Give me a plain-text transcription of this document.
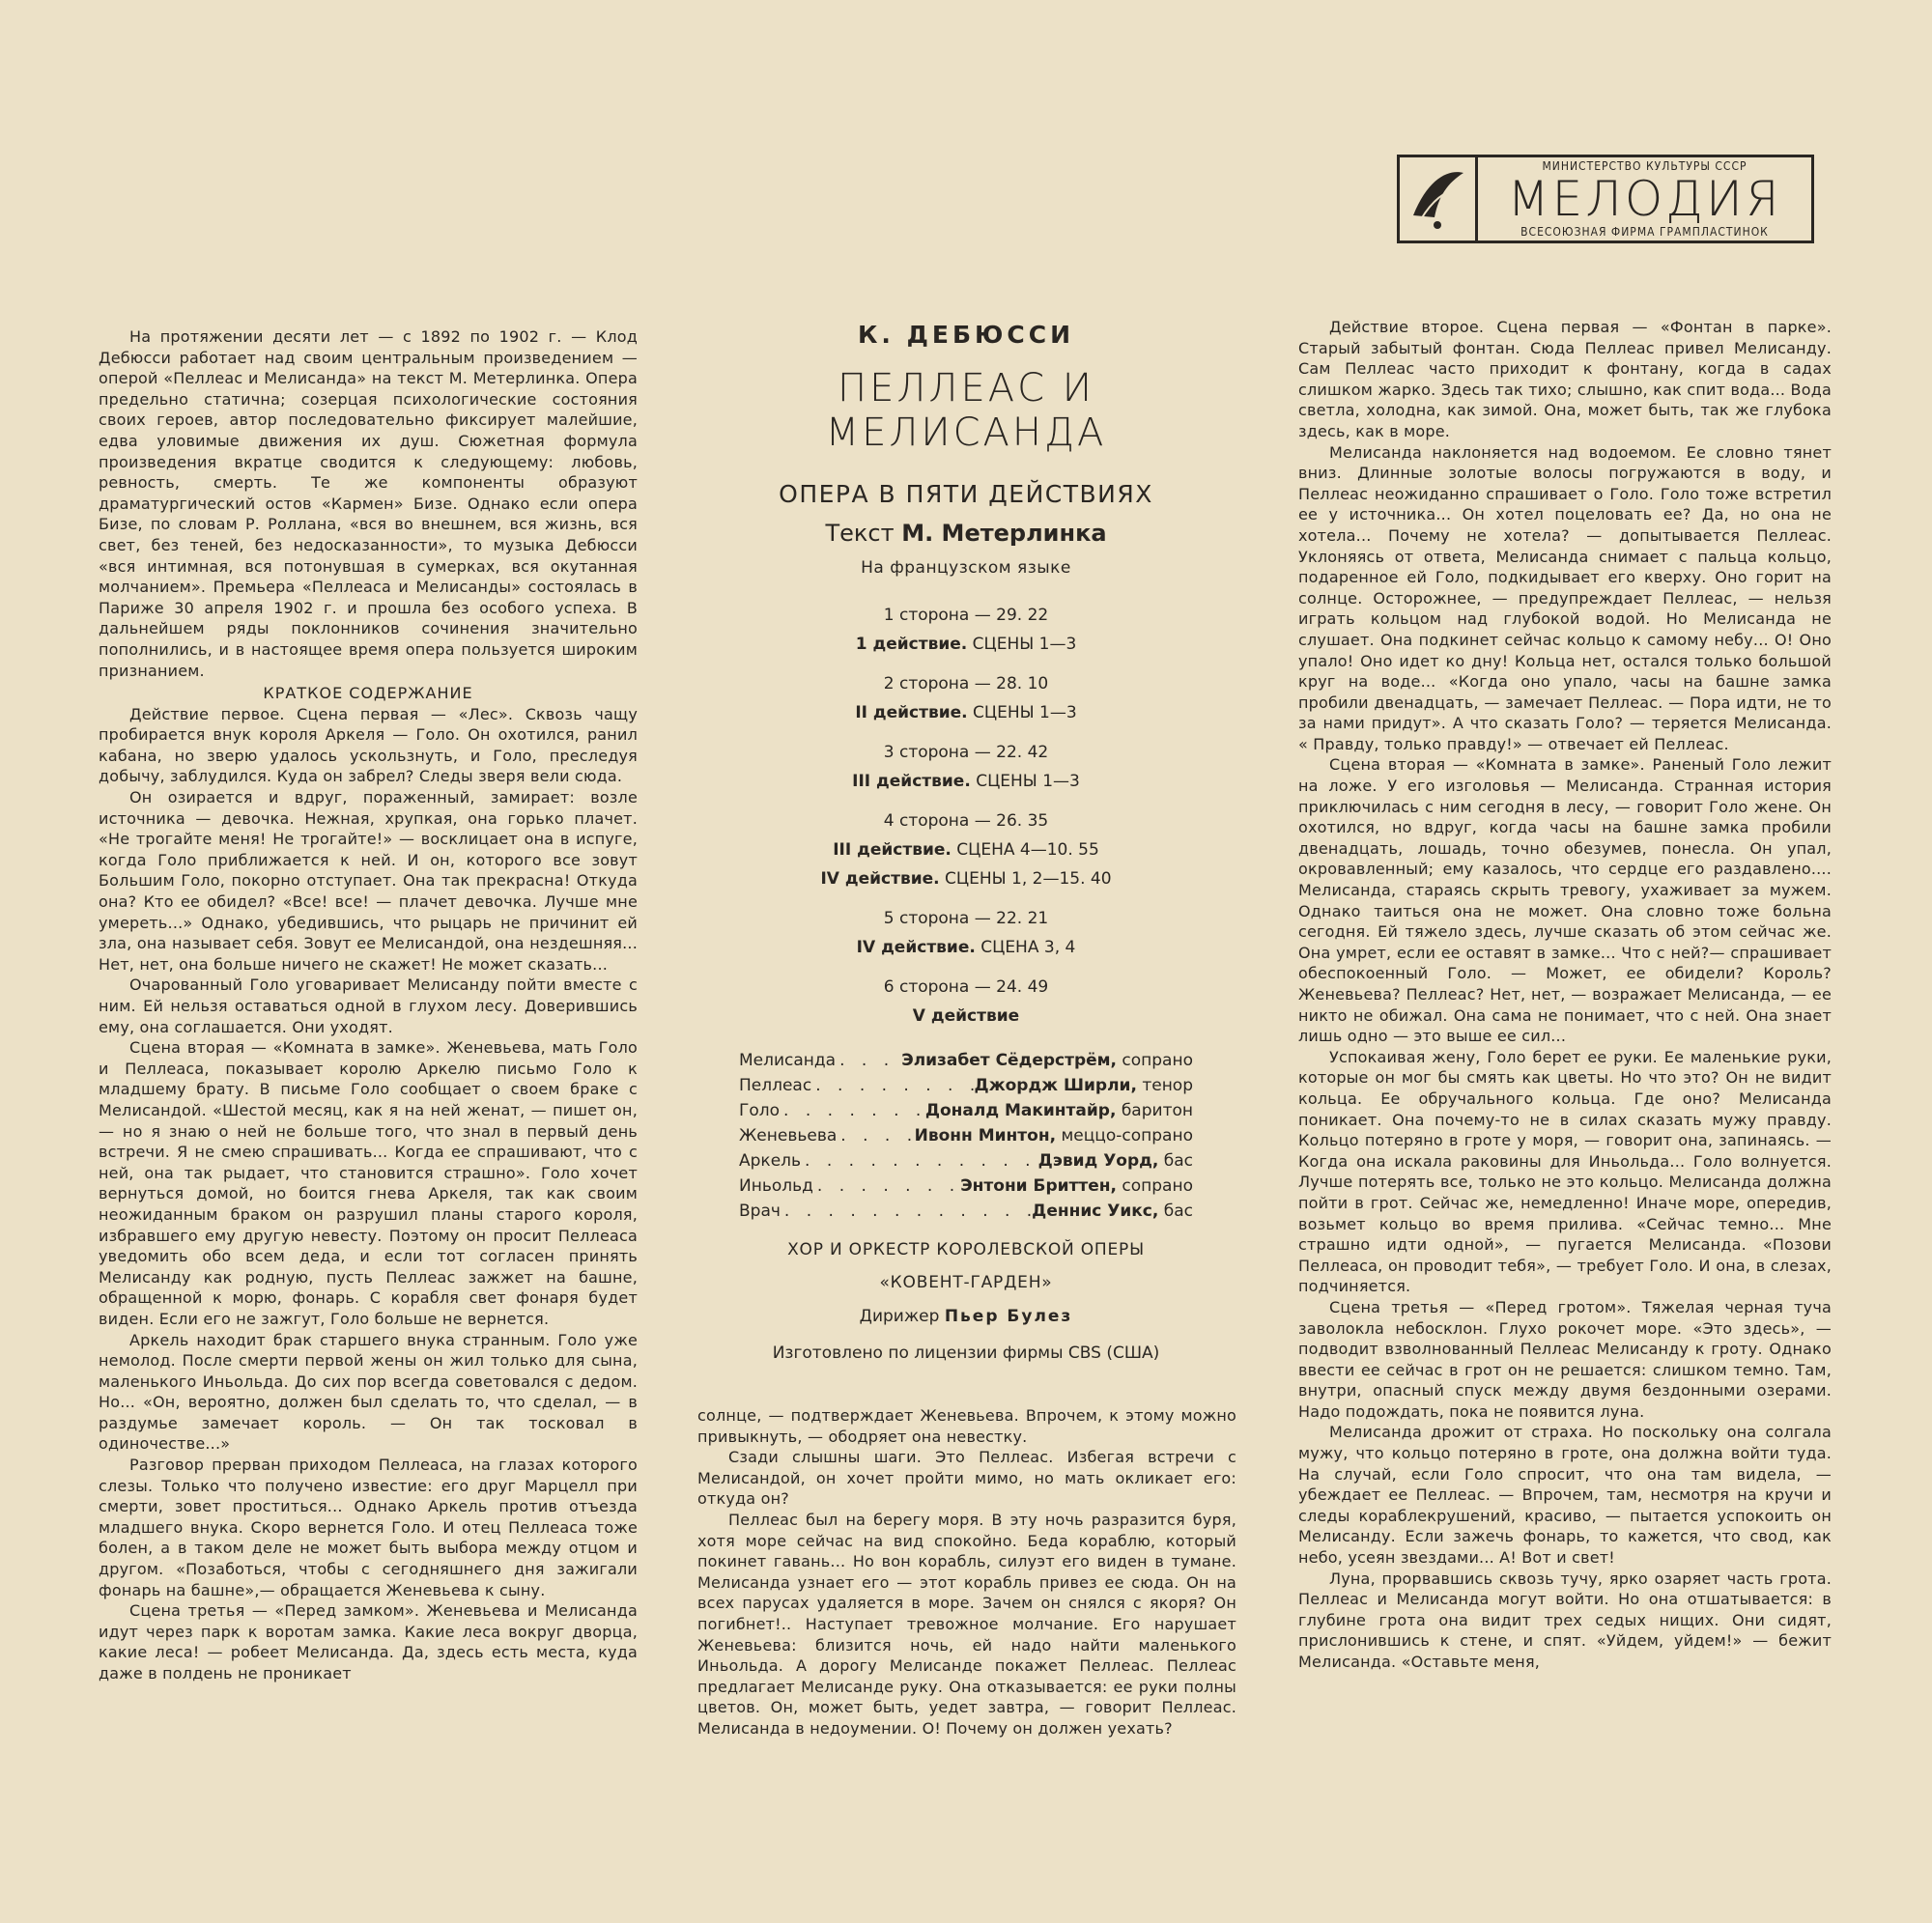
МИНИСТЕРСТВО КУЛЬТУРЫ СССР
МЕЛОДИЯ
ВСЕСОЮЗНАЯ ФИРМА ГРАМПЛАСТИНОК

На протяжении десяти лет — с 1892 по 1902 г. — Клод Дебюсси работает над своим центральным произведением — оперой «Пеллеас и Мелисанда» на текст М. Метерлинка. Опера предельно статична; созерцая психологические состояния своих героев, автор последовательно фиксирует малейшие, едва уловимые движения их душ. Сюжетная формула произведения вкратце сводится к следующему: любовь, ревность, смерть. Те же компоненты образуют драматургический остов «Кармен» Бизе. Однако если опера Бизе, по словам Р. Роллана, «вся во внешнем, вся жизнь, вся свет, без теней, без недосказанности», то музыка Дебюсси «вся интимная, вся потонувшая в сумерках, вся окутанная молчанием». Премьера «Пеллеаса и Мелисанды» состоялась в Париже 30 апреля 1902 г. и прошла без особого успеха. В дальнейшем ряды поклонников сочинения значительно пополнились, и в настоящее время опера пользуется широким признанием.

КРАТКОЕ СОДЕРЖАНИЕ

Действие первое. Сцена первая — «Лес». Сквозь чащу пробирается внук короля Аркеля — Голо. Он охотился, ранил кабана, но зверю удалось ускользнуть, и Голо, преследуя добычу, заблудился. Куда он забрел? Следы зверя вели сюда.

Он озирается и вдруг, пораженный, замирает: возле источника — девочка. Нежная, хрупкая, она горько плачет. «Не трогайте меня! Не трогайте!» — восклицает она в испуге, когда Голо приближается к ней. И он, которого все зовут Большим Голо, покорно отступает. Она так прекрасна! Откуда она? Кто ее обидел? «Все! все! — плачет девочка. Лучше мне умереть...» Однако, убедившись, что рыцарь не причинит ей зла, она называет себя. Зовут ее Мелисандой, она нездешняя... Нет, нет, она больше ничего не скажет! Не может сказать...

Очарованный Голо уговаривает Мелисанду пойти вместе с ним. Ей нельзя оставаться одной в глухом лесу. Доверившись ему, она соглашается. Они уходят.

Сцена вторая — «Комната в замке». Женевьева, мать Голо и Пеллеаса, показывает королю Аркелю письмо Голо к младшему брату. В письме Голо сообщает о своем браке с Мелисандой. «Шестой месяц, как я на ней женат, — пишет он, — но я знаю о ней не больше того, что знал в первый день встречи. Я не смею спрашивать... Когда ее спрашивают, что с ней, она так рыдает, что становится страшно». Голо хочет вернуться домой, но боится гнева Аркеля, так как своим неожиданным браком он разрушил планы старого короля, избравшего ему другую невесту. Поэтому он просит Пеллеаса уведомить обо всем деда, и если тот согласен принять Мелисанду как родную, пусть Пеллеас зажжет на башне, обращенной к морю, фонарь. С корабля свет фонаря будет виден. Если его не зажгут, Голо больше не вернется.

Аркель находит брак старшего внука странным. Голо уже немолод. После смерти первой жены он жил только для сына, маленького Иньольда. До сих пор всегда советовался с дедом. Но... «Он, вероятно, должен был сделать то, что сделал, — в раздумье замечает король. — Он так тосковал в одиночестве...»

Разговор прерван приходом Пеллеаса, на глазах которого слезы. Только что получено известие: его друг Марцелл при смерти, зовет проститься... Однако Аркель против отъезда младшего внука. Скоро вернется Голо. И отец Пеллеаса тоже болен, а в таком деле не может быть выбора между отцом и другом. «Позаботься, чтобы с сегодняшнего дня зажигали фонарь на башне»,— обращается Женевьева к сыну.

Сцена третья — «Перед замком». Женевьева и Мелисанда идут через парк к воротам замка. Какие леса вокруг дворца, какие леса! — робеет Мелисанда. Да, здесь есть места, куда даже в полдень не проникает

К. ДЕБЮССИ
ПЕЛЛЕАС И МЕЛИСАНДА
ОПЕРА В ПЯТИ ДЕЙСТВИЯХ
Текст М. Метерлинка
На французском языке
1 сторона — 29. 22
1 действие. СЦЕНЫ 1—3
2 сторона — 28. 10
II действие. СЦЕНЫ 1—3
3 сторона — 22. 42
III действие. СЦЕНЫ 1—3
4 сторона — 26. 35
III действие. СЦЕНА 4—10. 55
IV действие. СЦЕНЫ 1, 2—15. 40
5 сторона — 22. 21
IV действие. СЦЕНА 3, 4
6 сторона — 24. 49
V действие
Мелисанда . . .	Элизабет Сёдерстрём, сопрано
Пеллеас . . .	Джордж Ширли, тенор
Голо . . .	Доналд Макинтайр, баритон
Женевьева . . .	Ивонн Минтон, меццо-сопрано
Аркель . . .	Дэвид Уорд, бас
Иньольд . . .	Энтони Бриттен, сопрано
Врач . . .	Деннис Уикс, бас
ХОР И ОРКЕСТР КОРОЛЕВСКОЙ ОПЕРЫ
«КОВЕНТ-ГАРДЕН»
Дирижер Пьер Булез
Изготовлено по лицензии фирмы CBS (США)

солнце, — подтверждает Женевьева. Впрочем, к этому можно привыкнуть, — ободряет она невестку.

Сзади слышны шаги. Это Пеллеас. Избегая встречи с Мелисандой, он хочет пройти мимо, но мать окликает его: откуда он?

Пеллеас был на берегу моря. В эту ночь разразится буря, хотя море сейчас на вид спокойно. Беда кораблю, который покинет гавань... Но вон корабль, силуэт его виден в тумане. Мелисанда узнает его — этот корабль привез ее сюда. Он на всех парусах удаляется в море. Зачем он снялся с якоря? Он погибнет!.. Наступает тревожное молчание. Его нарушает Женевьева: близится ночь, ей надо найти маленького Иньольда. А дорогу Мелисанде покажет Пеллеас. Пеллеас предлагает Мелисанде руку. Она отказывается: ее руки полны цветов. Он, может быть, уедет завтра, — говорит Пеллеас. Мелисанда в недоумении. О! Почему он должен уехать?

Действие второе. Сцена первая — «Фонтан в парке». Старый забытый фонтан. Сюда Пеллеас привел Мелисанду. Сам Пеллеас часто приходит к фонтану, когда в садах слишком жарко. Здесь так тихо; слышно, как спит вода... Вода светла, холодна, как зимой. Она, может быть, так же глубока здесь, как в море.

Мелисанда наклоняется над водоемом. Ее словно тянет вниз. Длинные золотые волосы погружаются в воду, и Пеллеас неожиданно спрашивает о Голо. Голо тоже встретил ее у источника... Он хотел поцеловать ее? Да, но она не хотела... Почему не хотела? — допытывается Пеллеас. Уклоняясь от ответа, Мелисанда снимает с пальца кольцо, подаренное ей Голо, подкидывает его кверху. Оно горит на солнце. Осторожнее, — предупреждает Пеллеас, — нельзя играть кольцом над глубокой водой. Но Мелисанда не слушает. Она подкинет сейчас кольцо к самому небу... О! Оно упало! Оно идет ко дну! Кольца нет, остался только большой круг на воде... «Когда оно упало, часы на башне замка пробили двенадцать, — замечает Пеллеас. — Пора идти, не то за нами придут». А что сказать Голо? — теряется Мелисанда. « Правду, только правду!» — отвечает ей Пеллеас.

Сцена вторая — «Комната в замке». Раненый Голо лежит на ложе. У его изголовья — Мелисанда. Странная история приключилась с ним сегодня в лесу, — говорит Голо жене. Он охотился, но вдруг, когда часы на башне замка пробили двенадцать, лошадь, точно обезумев, понесла. Он упал, окровавленный; ему казалось, что сердце его раздавлено.... Мелисанда, стараясь скрыть тревогу, ухаживает за мужем. Однако таиться она не может. Она словно тоже больна сегодня. Ей тяжело здесь, лучше сказать об этом сейчас же. Она умрет, если ее оставят в замке... Что с ней?— спрашивает обеспокоенный Голо. — Может, ее обидели? Король? Женевьева? Пеллеас? Нет, нет, — возражает Мелисанда, — ее никто не обижал. Она сама не понимает, что с ней. Она знает лишь одно — это выше ее сил...

Успокаивая жену, Голо берет ее руки. Ее маленькие руки, которые он мог бы смять как цветы. Но что это? Он не видит кольца. Ее обручального кольца. Где оно? Мелисанда поникает. Она почему-то не в силах сказать мужу правду. Кольцо потеряно в гроте у моря, — говорит она, запинаясь. — Когда она искала раковины для Иньольда... Голо волнуется. Лучше потерять все, только не это кольцо. Мелисанда должна пойти в грот. Сейчас же, немедленно! Иначе море, опередив, возьмет кольцо во время прилива. «Сейчас темно... Мне страшно идти одной», — пугается Мелисанда. «Позови Пеллеаса, он проводит тебя», — требует Голо. И она, в слезах, подчиняется.

Сцена третья — «Перед гротом». Тяжелая черная туча заволокла небосклон. Глухо рокочет море. «Это здесь», — подводит взволнованный Пеллеас Мелисанду к гроту. Однако ввести ее сейчас в грот он не решается: слишком темно. Там, внутри, опасный спуск между двумя бездонными озерами. Надо подождать, пока не появится луна.

Мелисанда дрожит от страха. Но поскольку она солгала мужу, что кольцо потеряно в гроте, она должна войти туда. На случай, если Голо спросит, что она там видела, — убеждает ее Пеллеас. — Впрочем, там, несмотря на кручи и следы кораблекрушений, красиво, — пытается успокоить он Мелисанду. Если зажечь фонарь, то кажется, что свод, как небо, усеян звездами... А! Вот и свет!

Луна, прорвавшись сквозь тучу, ярко озаряет часть грота. Пеллеас и Мелисанда могут войти. Но она отшатывается: в глубине грота она видит трех седых нищих. Они сидят, прислонившись к стене, и спят. «Уйдем, уйдем!» — бежит Мелисанда. «Оставьте меня,
